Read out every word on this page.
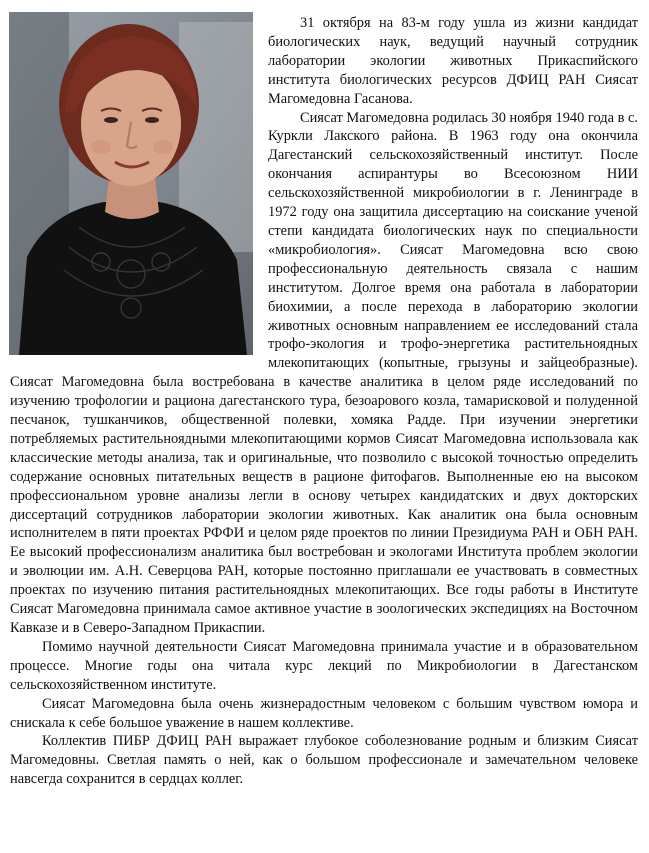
31 октября на 83-м году ушла из жизни кандидат биологических наук, ведущий научный сотрудник лаборатории экологии животных Прикаспийского института биологических ресурсов ДФИЦ РАН Сиясат Магомедовна Гасанова.

Сиясат Магомедовна родилась 30 ноября 1940 года в с. Куркли Лакского района. В 1963 году она окончила Дагестанский сельскохозяйственный институт. После окончания аспирантуры во Всесоюзном НИИ сельскохозяйственной микробиологии в г. Ленинграде в 1972 году она защитила диссертацию на соискание ученой степи кандидата биологических наук по специальности «микробиология». Сиясат Магомедовна всю свою профессиональную деятельность связала с нашим институтом. Долгое время она работала в лаборатории биохимии, а после перехода в лабораторию экологии животных основным направлением ее исследований стала трофо-экология и трофо-энергетика растительноядных млекопитающих (копытные, грызуны и зайцеобразные). Сиясат Магомедовна была востребована в качестве аналитика в целом ряде исследований по изучению трофологии и рациона дагестанского тура, безоарового козла, тамарисковой и полуденной песчанок, тушканчиков, общественной полевки, хомяка Радде. При изучении энергетики потребляемых растительноядными млекопитающими кормов Сиясат Магомедовна использовала как классические методы анализа, так и оригинальные, что позволило с высокой точностью определить содержание основных питательных веществ в рационе фитофагов. Выполненные ею на высоком профессиональном уровне анализы легли в основу четырех кандидатских и двух докторских диссертаций сотрудников лаборатории экологии животных. Как аналитик она была основным исполнителем в пяти проектах РФФИ и целом ряде проектов по линии Президиума РАН и ОБН РАН. Ее высокий профессионализм аналитика был востребован и экологами Института проблем экологии и эволюции им. А.Н. Северцова РАН, которые постоянно приглашали ее участвовать в совместных проектах по изучению питания растительноядных млекопитающих. Все годы работы в Институте Сиясат Магомедовна принимала самое активное участие в зоологических экспедициях на Восточном Кавказе и в Северо-Западном Прикаспии.

Помимо научной деятельности Сиясат Магомедовна принимала участие и в образовательном процессе. Многие годы она читала курс лекций по Микробиологии в Дагестанском сельскохозяйственном институте.

Сиясат Магомедовна была очень жизнерадостным человеком с большим чувством юмора и снискала к себе большое уважение в нашем коллективе.

Коллектив ПИБР ДФИЦ РАН выражает глубокое соболезнование родным и близким Сиясат Магомедовны. Светлая память о ней, как о большом профессионале и замечательном человеке навсегда сохранится в сердцах коллег.
